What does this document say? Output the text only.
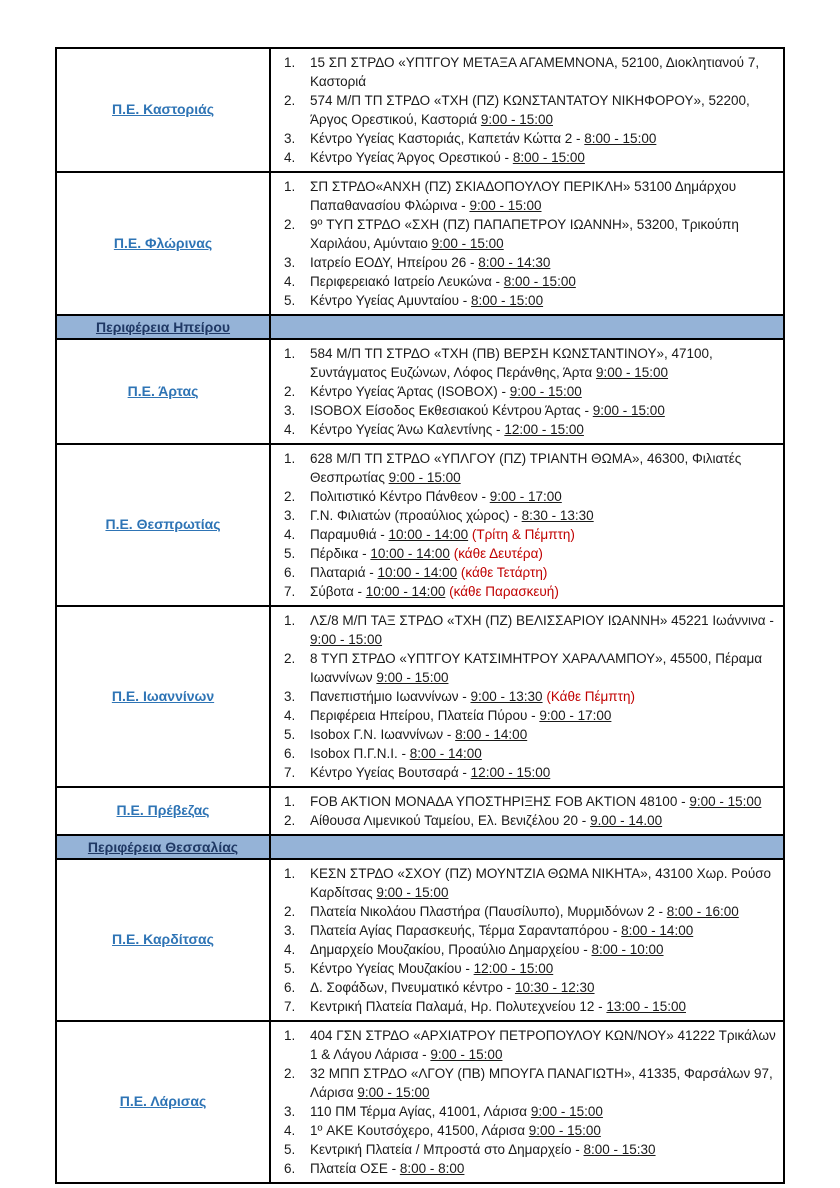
Π.Ε. Καστοριάς	
15 ΣΠ ΣΤΡΔΟ «ΥΠΤΓΟΥ ΜΕΤΑΞΑ ΑΓΑΜΕΜΝΟΝΑ, 52100, Διοκλητιανού 7, Καστοριά
574 Μ/Π ΤΠ ΣΤΡΔΟ «ΤΧΗ (ΠΖ) ΚΩΝΣΤΑΝΤΑΤΟΥ ΝΙΚΗΦΟΡΟΥ», 52200, Άργος Ορεστικού, Καστοριά 9:00 - 15:00
Κέντρο Υγείας Καστοριάς, Καπετάν Κώττα 2 - 8:00 - 15:00
Κέντρο Υγείας Άργος Ορεστικού - 8:00 - 15:00

Π.Ε. Φλώρινας	
ΣΠ ΣΤΡΔΟ«ΑΝΧΗ (ΠΖ) ΣΚΙΑΔΟΠΟΥΛΟΥ ΠΕΡΙΚΛΗ» 53100 Δημάρχου Παπαθανασίου Φλώρινα - 9:00 - 15:00
9º ΤΥΠ ΣΤΡΔΟ «ΣΧΗ (ΠΖ) ΠΑΠΑΠΕΤΡΟΥ ΙΩΑΝΝΗ», 53200, Τρικούπη Χαριλάου, Αμύνταιο 9:00 - 15:00
Ιατρείο ΕΟΔΥ, Ηπείρου 26 - 8:00 - 14:30
Περιφερειακό Ιατρείο Λευκώνα - 8:00 - 15:00
Κέντρο Υγείας Αμυνταίου - 8:00 - 15:00

Περιφέρεια Ηπείρου	
Π.Ε. Άρτας	
584 Μ/Π ΤΠ ΣΤΡΔΟ «ΤΧΗ (ΠΒ) ΒΕΡΣΗ ΚΩΝΣΤΑΝΤΙΝΟΥ», 47100, Συντάγματος Ευζώνων, Λόφος Περάνθης, Άρτα 9:00 - 15:00
Κέντρο Υγείας Άρτας (ISOBOX) - 9:00 - 15:00
ISOBOX Είσοδος Εκθεσιακού Κέντρου Άρτας - 9:00 - 15:00
Κέντρο Υγείας Άνω Καλεντίνης - 12:00 - 15:00

Π.Ε. Θεσπρωτίας	
628 Μ/Π ΤΠ ΣΤΡΔΟ «ΥΠΛΓΟΥ (ΠΖ) ΤΡΙΑΝΤΗ ΘΩΜΑ», 46300, Φιλιατές Θεσπρωτίας 9:00 - 15:00
Πολιτιστικό Κέντρο Πάνθεον - 9:00 - 17:00
Γ.Ν. Φιλιατών (προαύλιος χώρος) - 8:30 - 13:30
Παραμυθιά - 10:00 - 14:00 (Τρίτη & Πέμπτη)
Πέρδικα - 10:00 - 14:00 (κάθε Δευτέρα)
Πλαταριά - 10:00 - 14:00 (κάθε Τετάρτη)
Σύβοτα - 10:00 - 14:00 (κάθε Παρασκευή)

Π.Ε. Ιωαννίνων	
ΛΣ/8 Μ/Π ΤΑΞ ΣΤΡΔΟ «ΤΧΗ (ΠΖ) ΒΕΛΙΣΣΑΡΙΟΥ ΙΩΑΝΝΗ» 45221 Ιωάννινα - 9:00 - 15:00
8 ΤΥΠ ΣΤΡΔΟ «ΥΠΤΓΟΥ ΚΑΤΣΙΜΗΤΡΟΥ ΧΑΡΑΛΑΜΠΟΥ», 45500, Πέραμα Ιωαννίνων 9:00 - 15:00
Πανεπιστήμιο Ιωαννίνων - 9:00 - 13:30 (Κάθε Πέμπτη)
Περιφέρεια Ηπείρου, Πλατεία Πύρου - 9:00 - 17:00
Isobox Γ.Ν. Ιωαννίνων - 8:00 - 14:00
Isobox Π.Γ.Ν.Ι. - 8:00 - 14:00
Κέντρο Υγείας Βουτσαρά - 12:00 - 15:00

Π.Ε. Πρέβεζας	
FOB AKTION ΜΟΝΑΔΑ ΥΠΟΣΤΗΡΙΞΗΣ FOB AKTION 48100 - 9:00 - 15:00
Αίθουσα Λιμενικού Ταμείου, Ελ. Βενιζέλου 20 - 9.00 - 14.00

Περιφέρεια Θεσσαλίας	
Π.Ε. Καρδίτσας	
ΚΕΣΝ ΣΤΡΔΟ «ΣΧΟΥ (ΠΖ) ΜΟΥΝΤΖΙΑ ΘΩΜΑ ΝΙΚΗΤΑ», 43100 Χωρ. Ρούσο Καρδίτσας 9:00 - 15:00
Πλατεία Νικολάου Πλαστήρα (Παυσίλυπο), Μυρμιδόνων 2 - 8:00 - 16:00
Πλατεία Αγίας Παρασκευής, Τέρμα Σαρανταπόρου - 8:00 - 14:00
Δημαρχείο Μουζακίου, Προαύλιο Δημαρχείου - 8:00 - 10:00
Κέντρο Υγείας Μουζακίου - 12:00 - 15:00
Δ. Σοφάδων, Πνευματικό κέντρο - 10:30 - 12:30
Κεντρική Πλατεία Παλαμά, Ηρ. Πολυτεχνείου 12 - 13:00 - 15:00

Π.Ε. Λάρισας	
404 ΓΣΝ ΣΤΡΔΟ «ΑΡΧΙΑΤΡΟΥ ΠΕΤΡΟΠΟΥΛΟΥ ΚΩΝ/ΝΟΥ» 41222 Τρικάλων 1 & Λάγου Λάρισα - 9:00 - 15:00
32 ΜΠΠ ΣΤΡΔΟ «ΛΓΟΥ (ΠΒ) ΜΠΟΥΓΑ ΠΑΝΑΓΙΩΤΗ», 41335, Φαρσάλων 97, Λάρισα 9:00 - 15:00
110 ΠΜ Τέρμα Αγίας, 41001, Λάρισα 9:00 - 15:00
1º ΑΚΕ Κουτσόχερο, 41500, Λάρισα 9:00 - 15:00
Κεντρική Πλατεία / Μπροστά στο Δημαρχείο - 8:00 - 15:30
Πλατεία ΟΣΕ - 8:00 - 8:00
